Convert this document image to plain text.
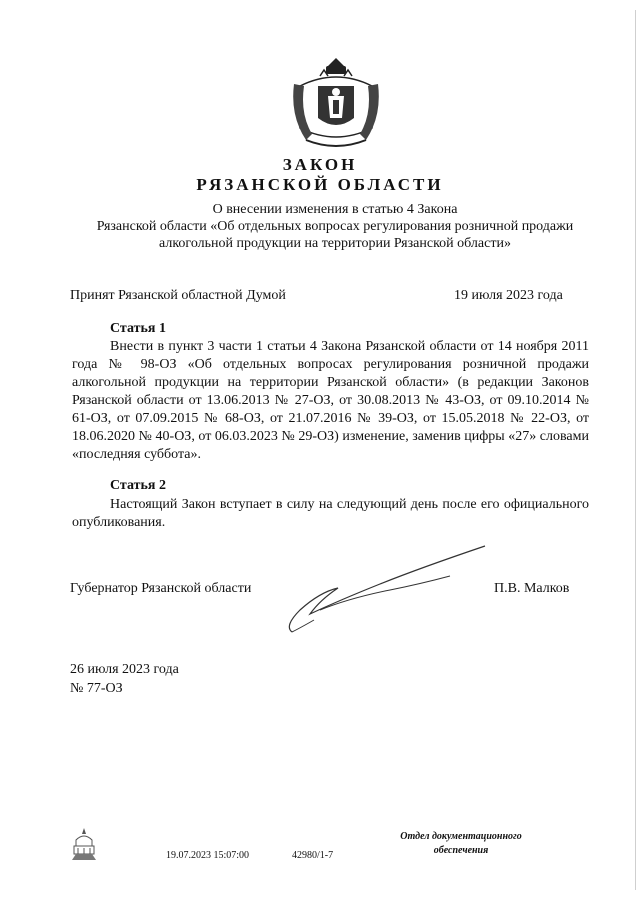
ЗАКОН
РЯЗАНСКОЙ ОБЛАСТИ
О внесении изменения в статью 4 Закона
Рязанской области «Об отдельных вопросах регулирования розничной продажи
алкогольной продукции на территории Рязанской области»
Принят Рязанской областной Думой	19 июля 2023 года
Статья 1
Внести в пункт 3 части 1 статьи 4 Закона Рязанской области от 14 ноября 2011 года № 98-ОЗ «Об отдельных вопросах регулирования розничной продажи алкогольной продукции на территории Рязанской области» (в редакции Законов Рязанской области от 13.06.2013 № 27-ОЗ, от 30.08.2013 № 43-ОЗ, от 09.10.2014 № 61-ОЗ, от 07.09.2015 № 68-ОЗ, от 21.07.2016 № 39-ОЗ, от 15.05.2018 № 22-ОЗ, от 18.06.2020 № 40-ОЗ, от 06.03.2023 № 29-ОЗ) изменение, заменив цифры «27» словами «последняя суббота».
Статья 2
Настоящий Закон вступает в силу на следующий день после его официального опубликования.
Губернатор Рязанской области	П.В. Малков
26 июля 2023 года
№ 77-ОЗ
19.07.2023 15:07:00	42980/1-7
Отдел документационного
обеспечения
